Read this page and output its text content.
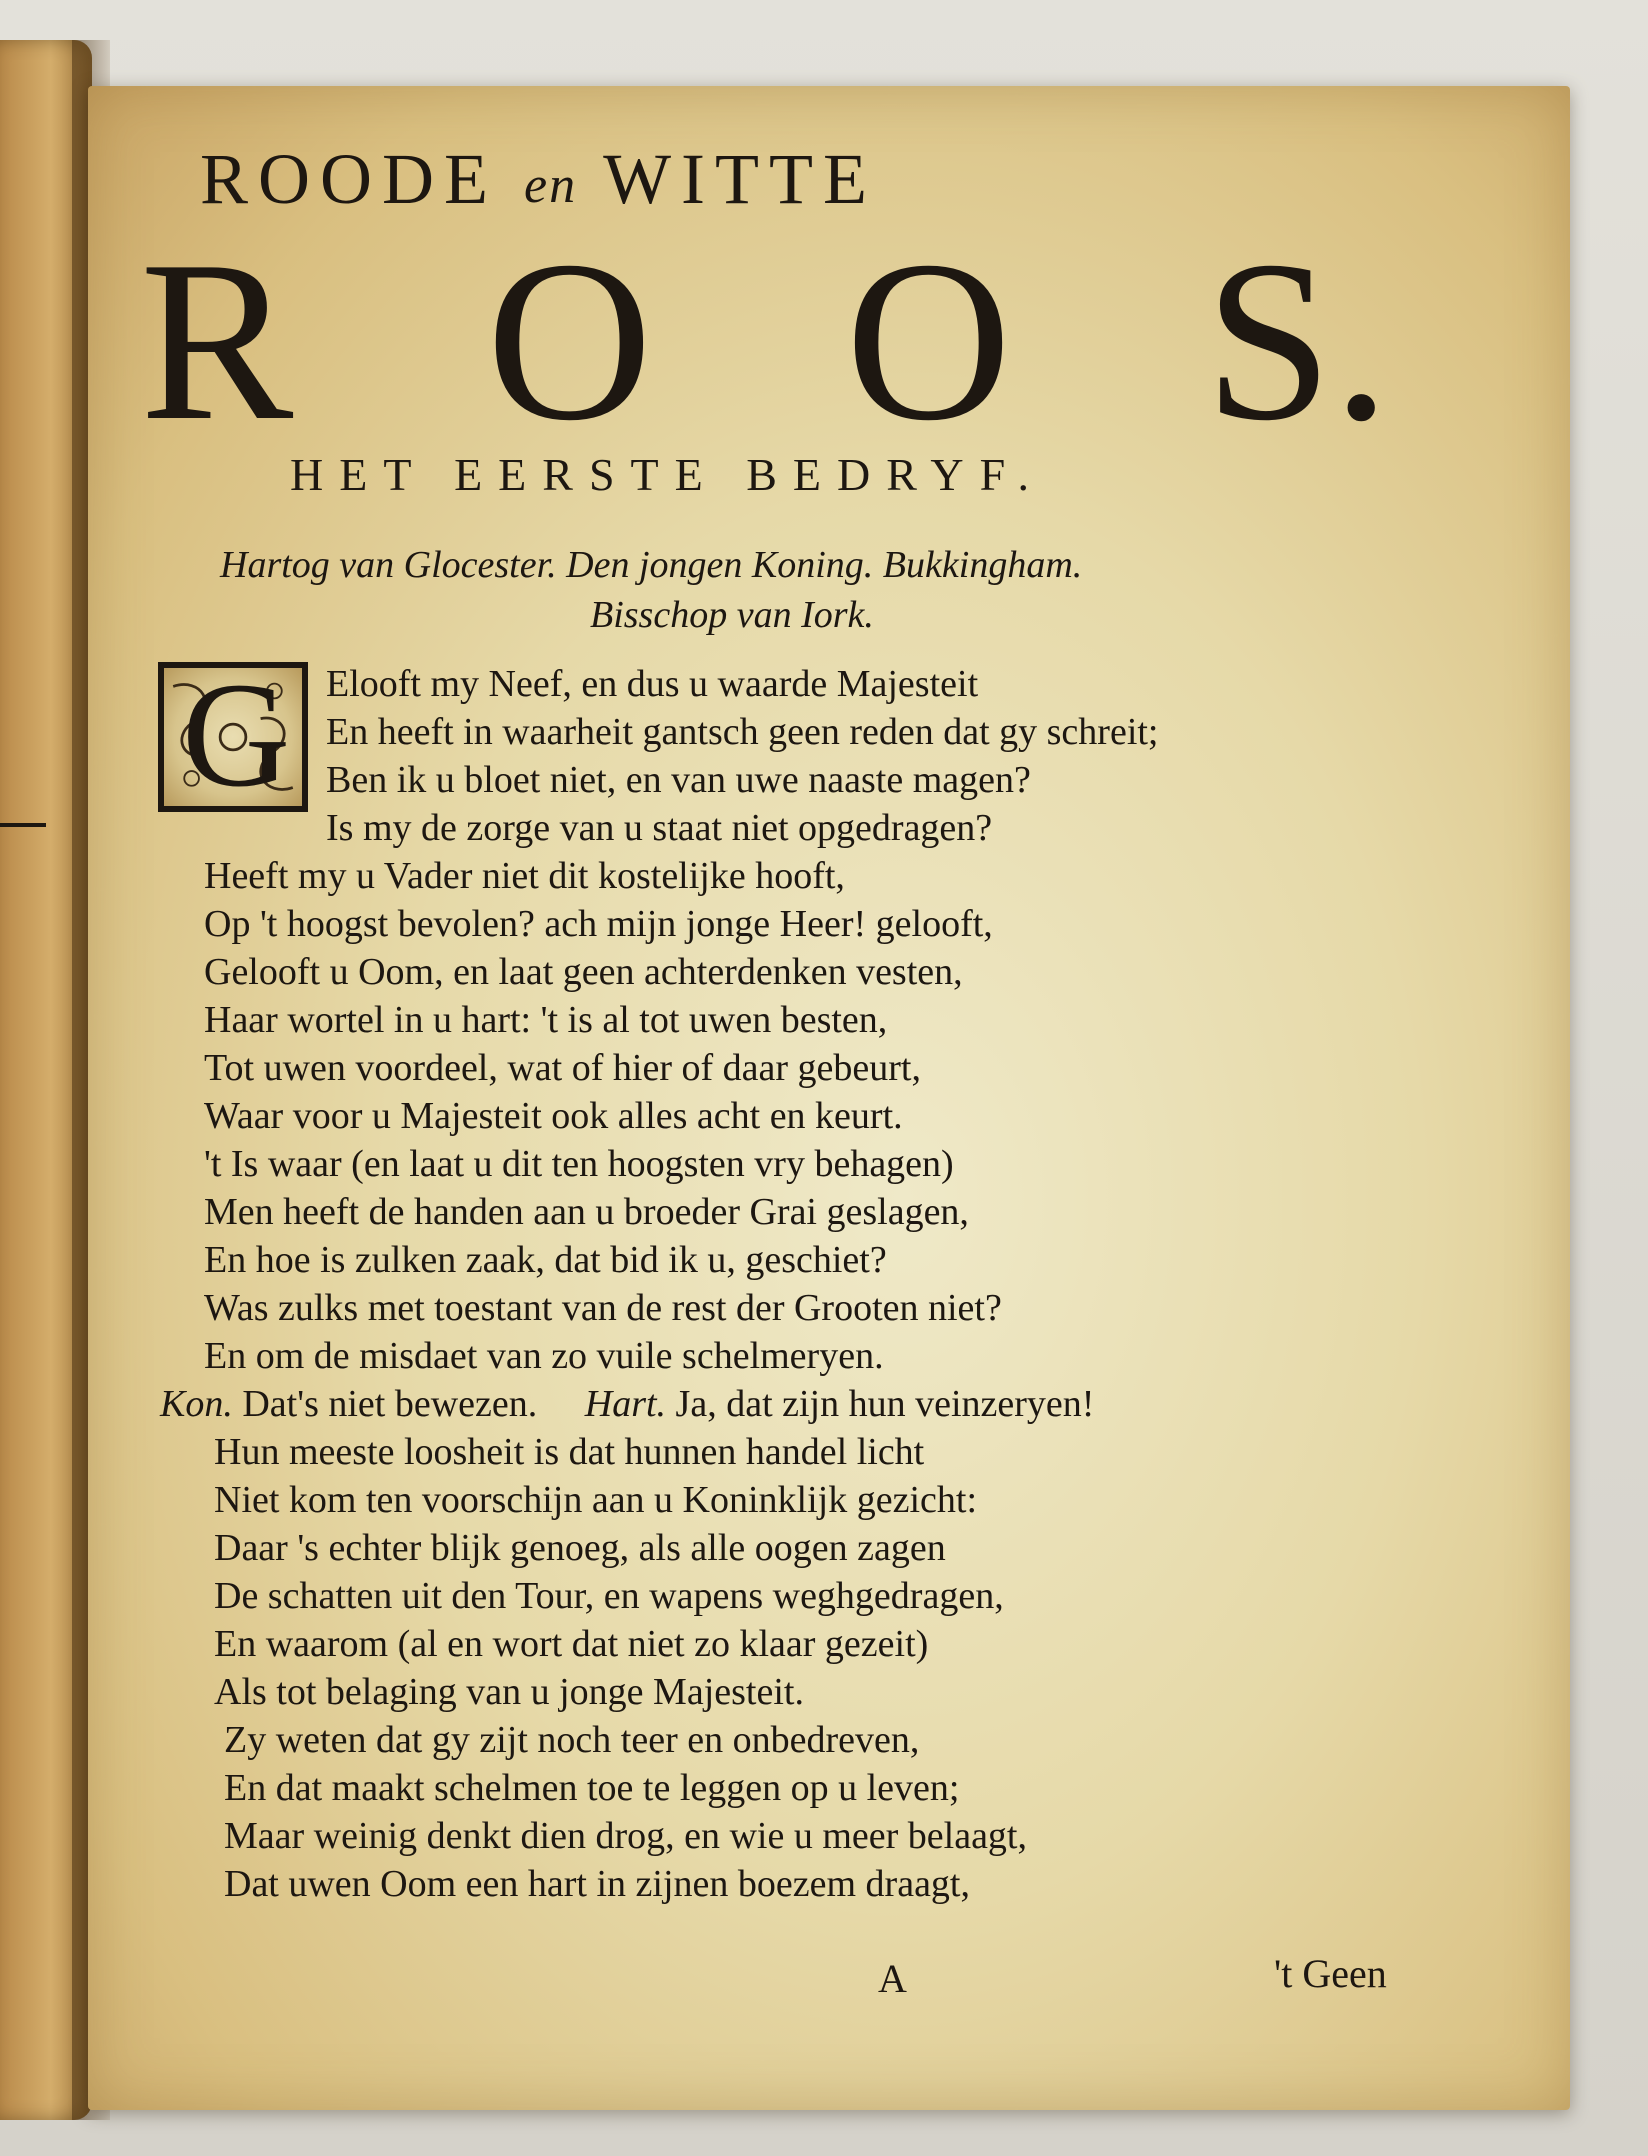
ROODE en WITTE
R O O S.
HET EERSTE BEDRYF.
Hartog van Glocester. Den jongen Koning. Bukkingham.
Bisschop van Iork.
G Elooft my Neef, en dus u waarde Majesteit
En heeft in waarheit gantsch geen reden dat gy schreit;
Ben ik u bloet niet, en van uwe naaste magen?
Is my de zorge van u staat niet opgedragen?
Heeft my u Vader niet dit kostelijke hooft,
Op 't hoogst bevolen? ach mijn jonge Heer! gelooft,
Gelooft u Oom, en laat geen achterdenken vesten,
Haar wortel in u hart: 't is al tot uwen besten,
Tot uwen voordeel, wat of hier of daar gebeurt,
Waar voor u Majesteit ook alles acht en keurt.
't Is waar (en laat u dit ten hoogsten vry behagen)
Men heeft de handen aan u broeder Grai geslagen,
En hoe is zulken zaak, dat bid ik u, geschiet?
Was zulks met toestant van de rest der Grooten niet?
En om de misdaet van zo vuile schelmeryen.
Kon. Dat's niet bewezen. Hart. Ja, dat zijn hun veinzeryen!
Hun meeste loosheit is dat hunnen handel licht
Niet kom ten voorschijn aan u Koninklijk gezicht:
Daar 's echter blijk genoeg, als alle oogen zagen
De schatten uit den Tour, en wapens weghgedragen,
En waarom (al en wort dat niet zo klaar gezeit)
Als tot belaging van u jonge Majesteit.
Zy weten dat gy zijt noch teer en onbedreven,
En dat maakt schelmen toe te leggen op u leven;
Maar weinig denkt dien drog, en wie u meer belaagt,
Dat uwen Oom een hart in zijnen boezem draagt,
A	't Geen
